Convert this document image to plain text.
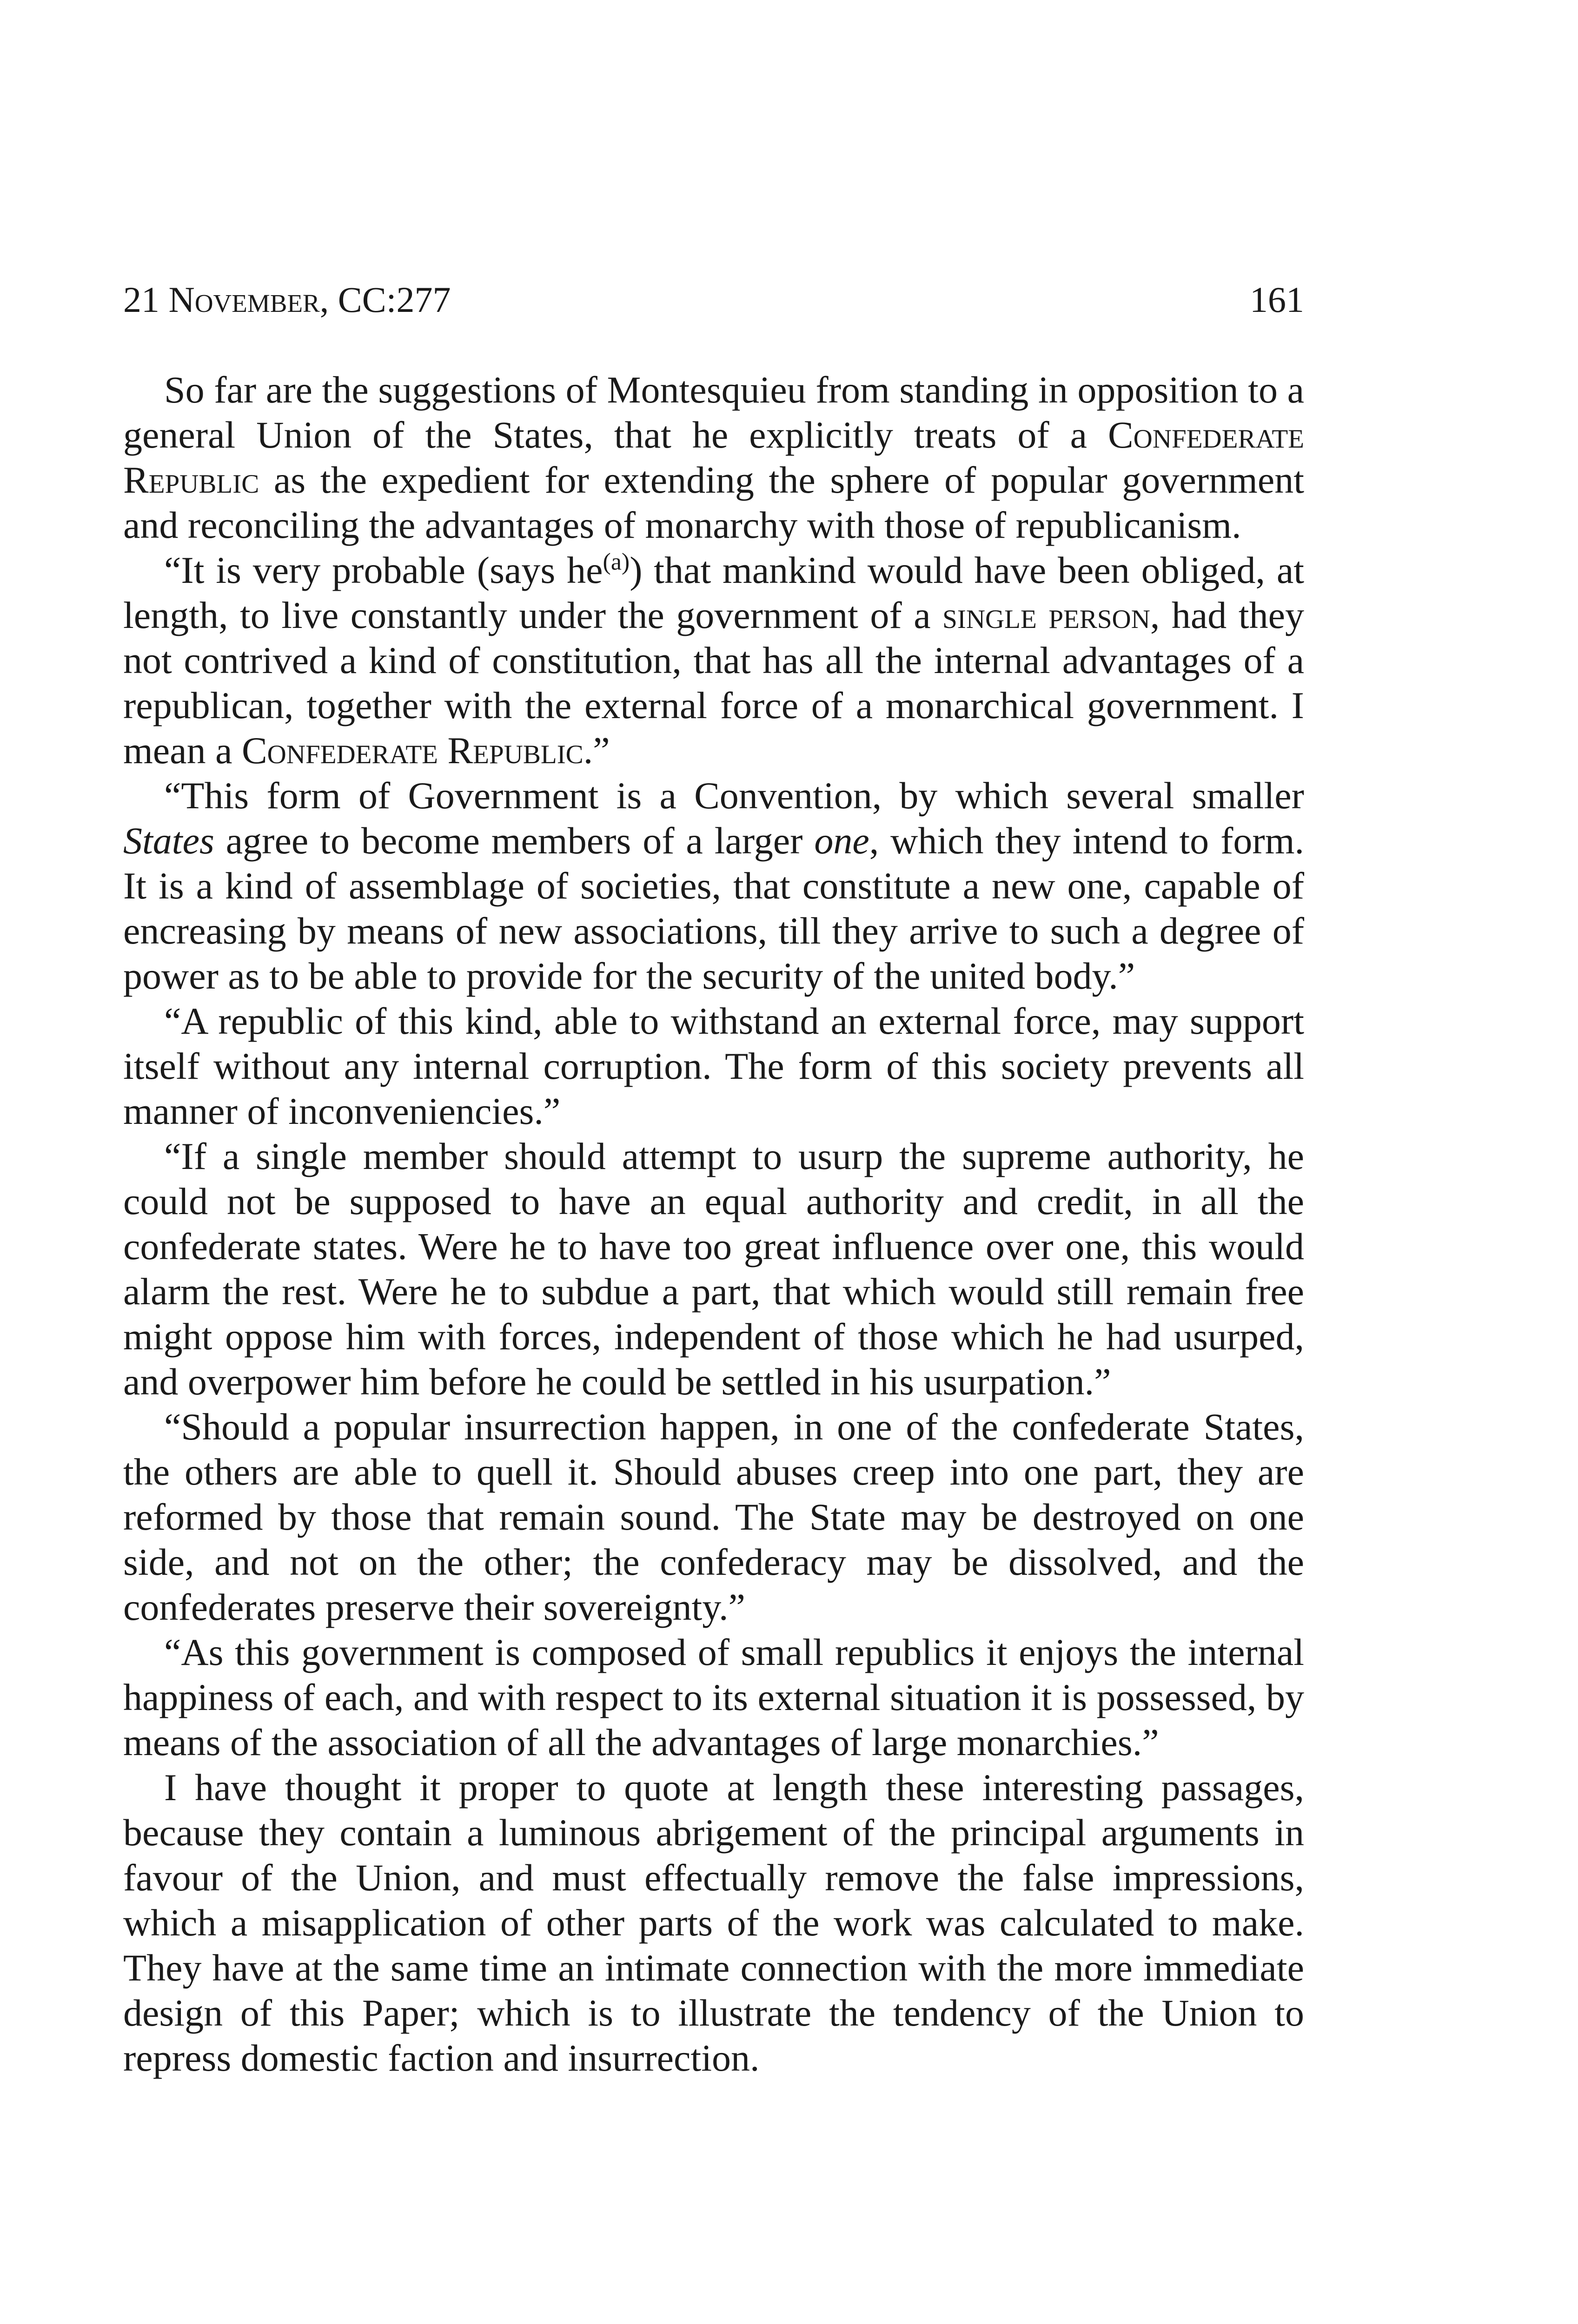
21 November, CC:277	161

So far are the suggestions of Montesquieu from standing in opposition to a general Union of the States, that he explicitly treats of a Confederate Republic as the expedient for extending the sphere of popular government and reconciling the advantages of monarchy with those of republicanism.

“It is very probable (says $he^{(a)}$) that mankind would have been obliged, at length, to live constantly under the government of a single person, had they not contrived a kind of constitution, that has all the internal advantages of a republican, together with the external force of a monarchical government. I mean a Confederate Republic.”

“This form of Government is a Convention, by which several smaller States agree to become members of a larger one, which they intend to form. It is a kind of assemblage of societies, that constitute a new one, capable of encreasing by means of new associations, till they arrive to such a degree of power as to be able to provide for the security of the united body.”

“A republic of this kind, able to withstand an external force, may support itself without any internal corruption. The form of this society prevents all manner of inconveniencies.”

“If a single member should attempt to usurp the supreme authority, he could not be supposed to have an equal authority and credit, in all the confederate states. Were he to have too great influence over one, this would alarm the rest. Were he to subdue a part, that which would still remain free might oppose him with forces, independent of those which he had usurped, and overpower him before he could be settled in his usurpation.”

“Should a popular insurrection happen, in one of the confederate States, the others are able to quell it. Should abuses creep into one part, they are reformed by those that remain sound. The State may be destroyed on one side, and not on the other; the confederacy may be dissolved, and the confederates preserve their sovereignty.”

“As this government is composed of small republics it enjoys the internal happiness of each, and with respect to its external situation it is possessed, by means of the association of all the advantages of large monarchies.”

I have thought it proper to quote at length these interesting passages, because they contain a luminous abrigement of the principal arguments in favour of the Union, and must effectually remove the false impressions, which a misapplication of other parts of the work was calculated to make. They have at the same time an intimate connection with the more immediate design of this Paper; which is to illustrate the tendency of the Union to repress domestic faction and insurrection.
